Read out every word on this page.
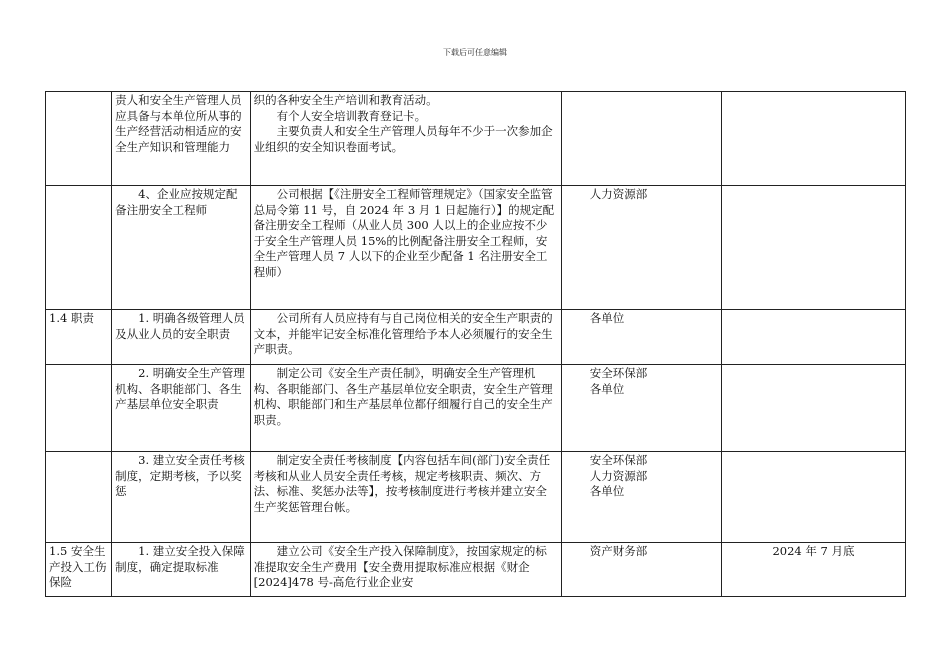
下载后可任意编辑
	责人和安全生产管理人员应具备与本单位所从事的生产经营活动相适应的安全生产知识和管理能力	织的各种安全生产培训和教育活动。
有个人安全培训教育登记卡。
主要负责人和安全生产管理人员每年不少于一次参加企业组织的安全知识卷面考试。		

	4、企业应按规定配备注册安全工程师	公司根据【《注册安全工程师管理规定》（国家安全监管总局令第 11 号，自 2024 年 3 月 1 日起施行）】的规定配备注册安全工程师（从业人员 300 人以上的企业应按不少于安全生产管理人员 15%的比例配备注册安全工程师，安全生产管理人员 7 人以下的企业至少配备 1 名注册安全工程师）	人力资源部	

1.4 职责	1. 明确各级管理人员及从业人员的安全职责	公司所有人员应持有与自己岗位相关的安全生产职责的文本，并能牢记安全标准化管理给予本人必须履行的安全生产职责。	各单位	

	2. 明确安全生产管理机构、各职能部门、各生产基层单位安全职责	制定公司《安全生产责任制》，明确安全生产管理机构、各职能部门、各生产基层单位安全职责，安全生产管理机构、职能部门和生产基层单位都仔细履行自己的安全生产职责。	安全环保部
各单位	

	3. 建立安全责任考核制度，定期考核，予以奖惩	制定安全责任考核制度【内容包括车间(部门)安全责任考核和从业人员安全责任考核，规定考核职责、频次、方法、标准、奖惩办法等】，按考核制度进行考核并建立安全生产奖惩管理台帐。	安全环保部
人力资源部
各单位	

1.5 安全生产投入工伤保险	1. 建立安全投入保障制度，确定提取标准	建立公司《安全生产投入保障制度》，按国家规定的标准提取安全生产费用【安全费用提取标准应根据《财企[2024]478 号-高危行业企业安	资产财务部	2024 年 7 月底
